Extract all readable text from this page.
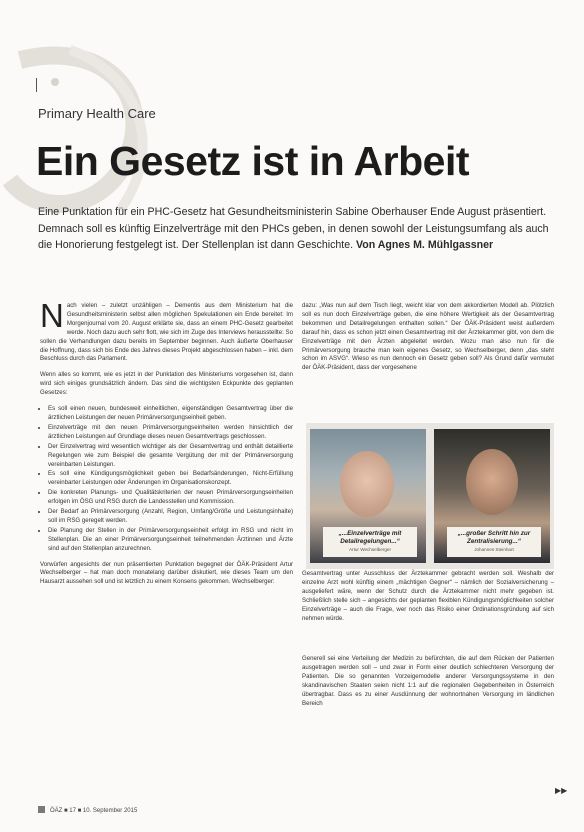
Primary Health Care
Ein Gesetz ist in Arbeit
Eine Punktation für ein PHC-Gesetz hat Gesundheitsministerin Sabine Oberhauser Ende August präsentiert. Demnach soll es künftig Einzelverträge mit den PHCs geben, in denen sowohl der Leistungsumfang als auch die Honorierung festgelegt ist. Der Stellenplan ist dann Geschichte. Von Agnes M. Mühlgassner

Nach vielen – zuletzt unzähligen – Dementis aus dem Ministerium hat die Gesundheitsministerin selbst allen möglichen Spekulationen ein Ende bereitet: Im Morgenjournal vom 20. August erklärte sie, dass an einem PHC-Gesetz gearbeitet werde. Noch dazu auch sehr flott, wie sich im Zuge des Interviews herausstellte: So sollen die Verhandlungen dazu bereits im September beginnen. Auch äußerte Oberhauser die Hoffnung, dass sich bis Ende des Jahres dieses Projekt abgeschlossen haben – inkl. dem Beschluss durch das Parlament.

Wenn alles so kommt, wie es jetzt in der Punktation des Ministeriums vorgesehen ist, dann wird sich einiges grundsätzlich ändern. Das sind die wichtigsten Eckpunkte des geplanten Gesetzes:

• Es soll einen neuen, bundesweit einheitlichen, eigenständigen Gesamtvertrag über die ärztlichen Leistungen der neuen Primärversorgungseinheit geben.
• Einzelverträge mit den neuen Primärversorgungseinheiten werden hinsichtlich der ärztlichen Leistungen auf Grundlage dieses neuen Gesamtvertrags geschlossen.
• Der Einzelvertrag wird wesentlich wichtiger als der Gesamtvertrag und enthält detaillierte Regelungen wie zum Beispiel die gesamte Vergütung der mit der Primärversorgung vereinbarten Leistungen.
• Es soll eine Kündigungsmöglichkeit geben bei Bedarfsänderungen, Nicht-Erfüllung vereinbarter Leistungen oder Änderungen im Organisationskonzept.
• Die konkreten Planungs- und Qualitätskriterien der neuen Primärversorgungseinheiten erfolgen im ÖSG und RSG durch die Landesstellen und Kommission.
• Der Bedarf an Primärversorgung (Anzahl, Region, Umfang/Größe und Leistungsinhalte) soll im RSG geregelt werden.
• Die Planung der Stellen in der Primärversorgungseinheit erfolgt im RSG und nicht im Stellenplan. Die an einer Primärversorgungseinheit teilnehmenden Ärztinnen und Ärzte sind auf den Stellenplan anzurechnen.

Vorwürfen angesichts der nun präsentierten Punktation begegnet der ÖÄK-Präsident Artur Wechselberger – hat man doch monatelang darüber diskutiert, wie dieses Team um den Hausarzt aussehen soll und ist letztlich zu einem Konsens gekommen. Wechselberger:

dazu: „Was nun auf dem Tisch liegt, weicht klar von dem akkordierten Modell ab. Plötzlich soll es nun doch Einzelverträge geben, die eine höhere Wertigkeit als der Gesamtvertrag bekommen und Detailregelungen enthalten sollen.“ Der ÖÄK-Präsident weist außerdem darauf hin, dass es schon jetzt einen Gesamtvertrag mit der Ärztekammer gibt, von dem die Einzelverträge mit den Ärzten abgeleitet werden. Wozu man also nun für die Primärversorgung brauche man kein eigenes Gesetz, so Wechselberger, denn „das steht schon im ASVG“. Wieso es nun dennoch ein Gesetz geben soll? Als Grund dafür vermutet der ÖÄK-Präsident, dass der vorgesehene

„...Einzelverträge mit Detailregelungen...“
Artur Wechselberger
„...großer Schritt hin zur Zentralisierung...“
Johannes Steinhart

Gesamtvertrag unter Ausschluss der Ärztekammer gebracht werden soll. Weshalb der einzelne Arzt wohl künftig einem „mächtigen Gegner“ – nämlich der Sozialversicherung – ausgeliefert wäre, wenn der Schutz durch die Ärztekammer nicht mehr gegeben ist. Schließlich stelle sich – angesichts der geplanten flexiblen Kündigungsmöglichkeiten solcher Einzelverträge – auch die Frage, wer noch das Risiko einer Ordinationsgründung auf sich nehmen würde.

Generell sei eine Verteilung der Medizin zu befürchten, die auf dem Rücken der Patienten ausgetragen werden soll – und zwar in Form einer deutlich schlechteren Versorgung der Patienten. Die so genannten Vorzeigemodelle anderer Versorgungssysteme in den skandinavischen Staaten seien nicht 1:1 auf die regionalen Gegebenheiten in Österreich übertragbar. Dass es zu einer Ausdünnung der wohnortnahen Versorgung im ländlichen Bereich

▶▶
ÖÄZ ■ 17 ■ 10. September 2015
